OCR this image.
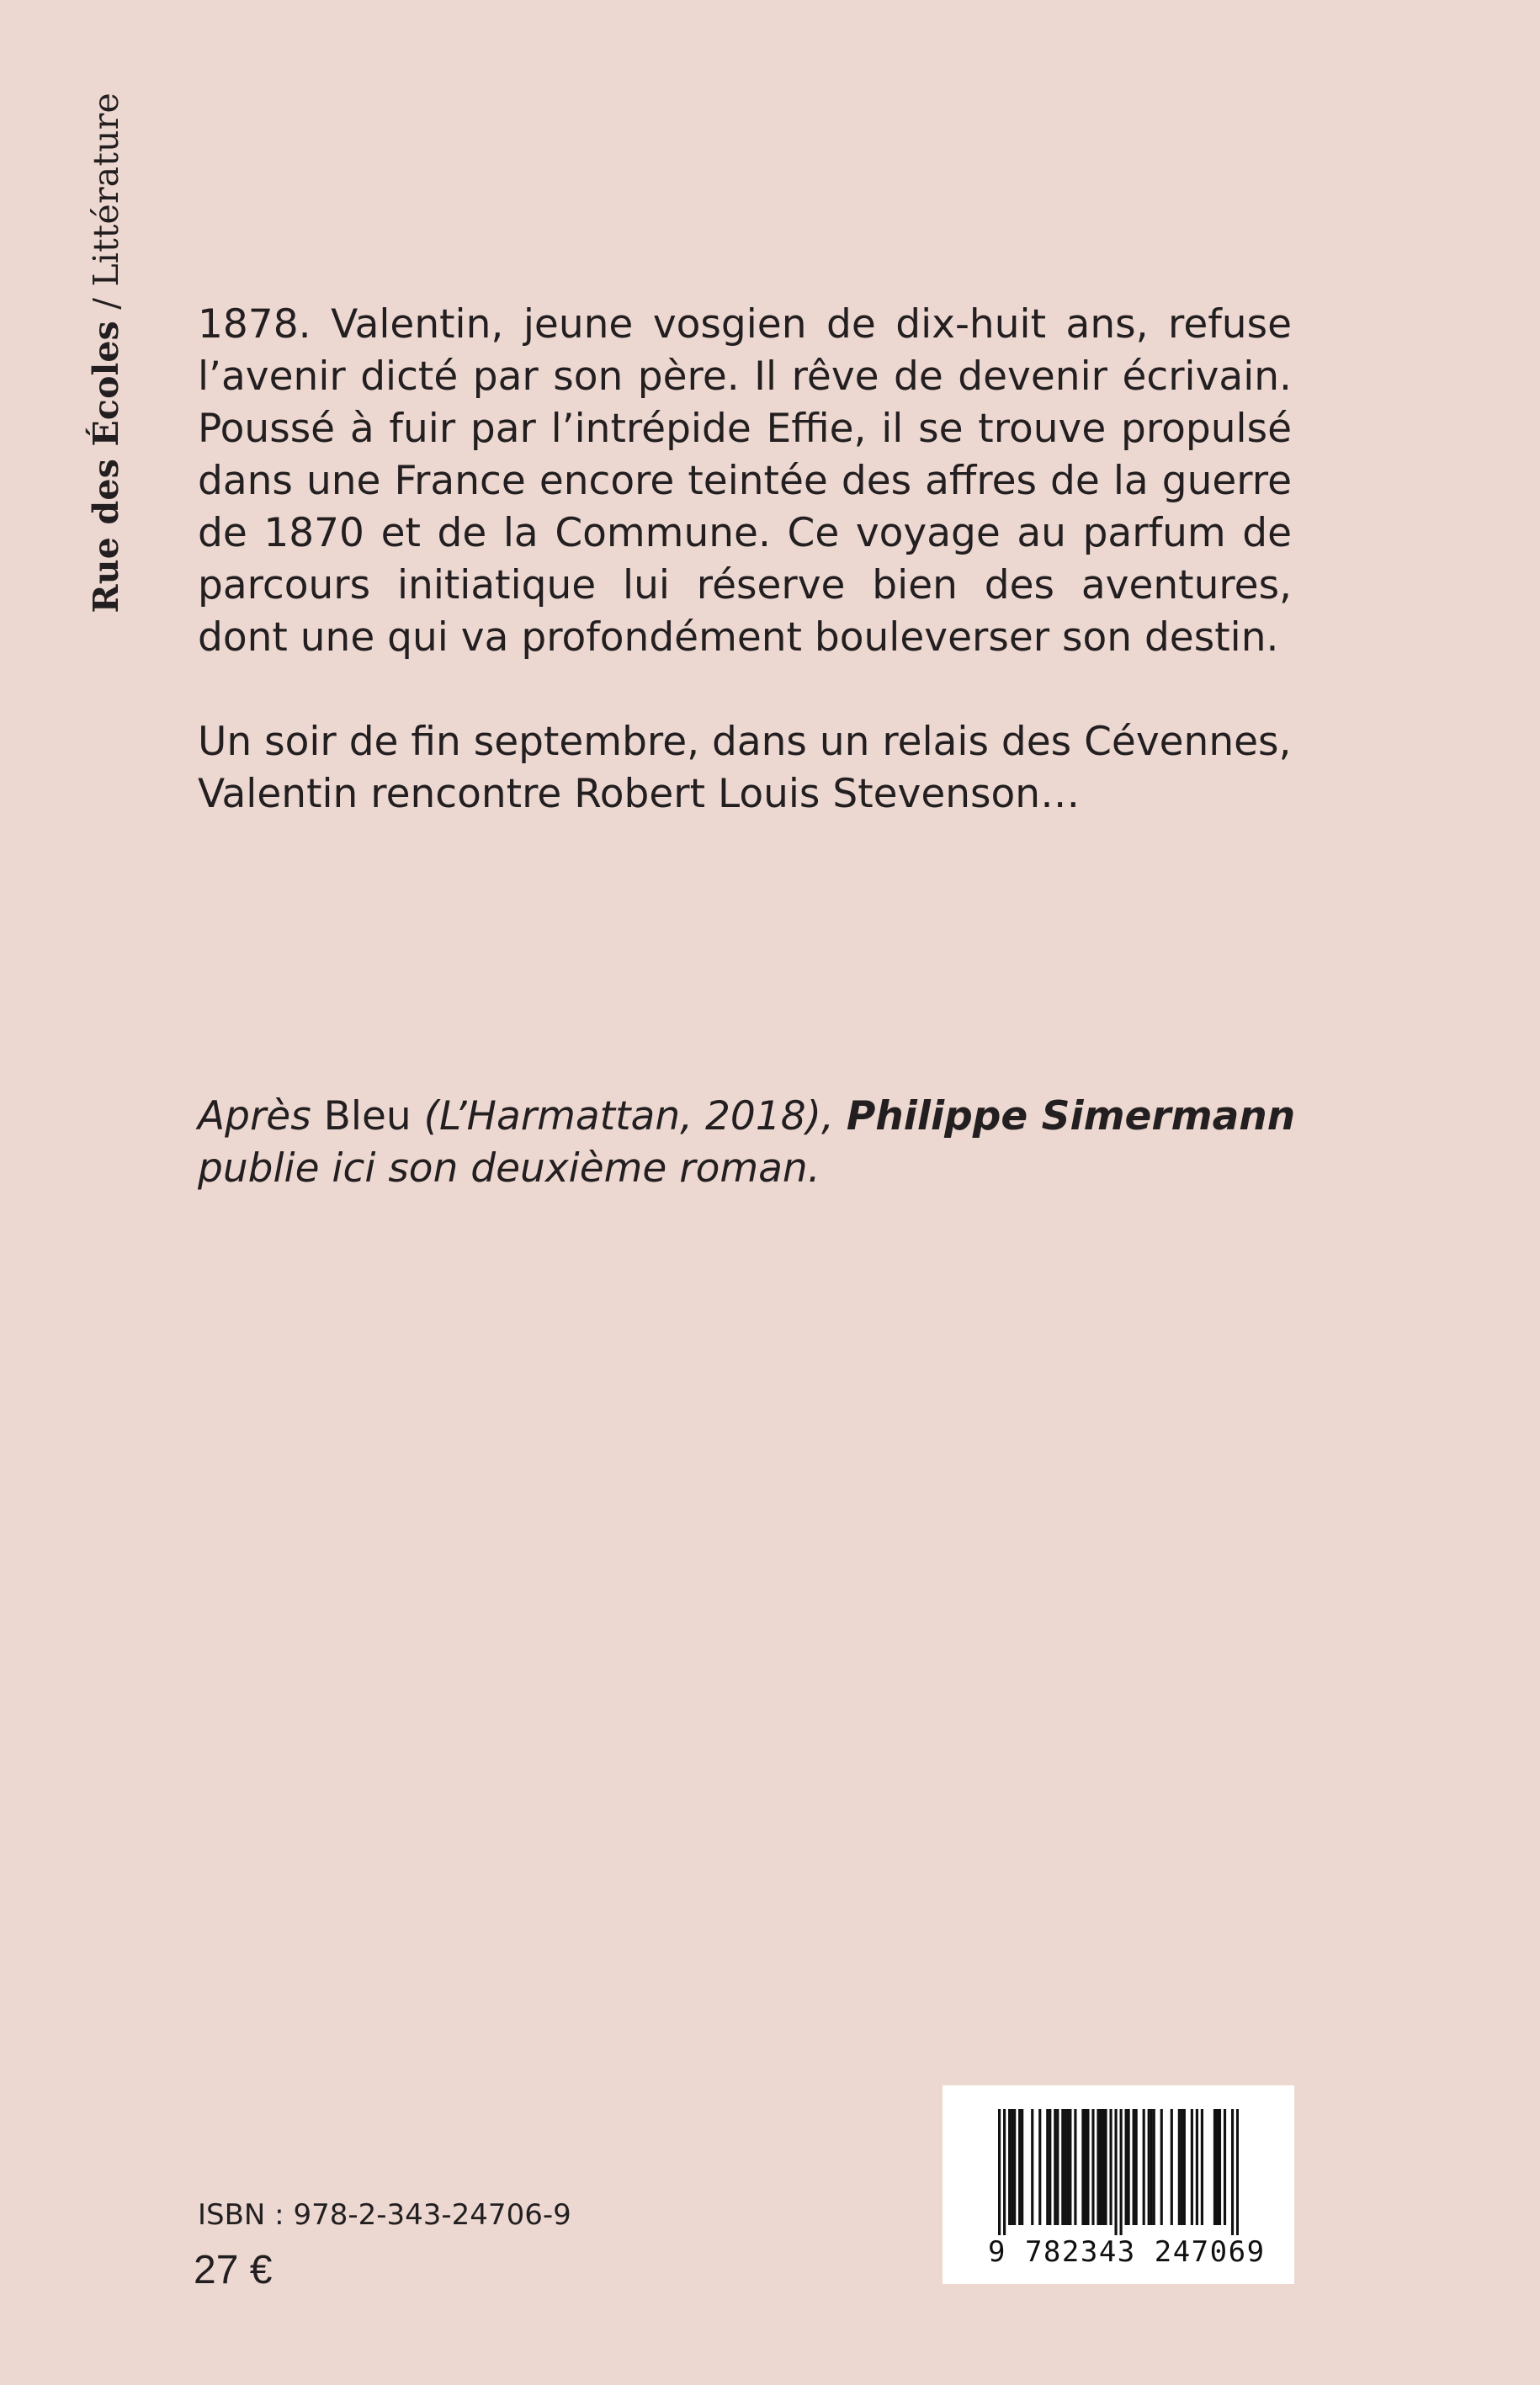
Rue des Écoles / Littérature

1878. Valentin, jeune vosgien de dix-huit ans, refuse l’avenir dicté par son père. Il rêve de devenir écrivain. Poussé à fuir par l’intrépide Effie, il se trouve propulsé dans une France encore teintée des affres de la guerre de 1870 et de la Commune. Ce voyage au parfum de parcours initiatique lui réserve bien des aventures, dont une qui va profondément bouleverser son destin.

Un soir de fin septembre, dans un relais des Cévennes, Valentin rencontre Robert Louis Stevenson…

Après Bleu (L’Harmattan, 2018), Philippe Simermann publie ici son deuxième roman.
ISBN : 978-2-343-24706-9
27 €	9 782343 247069
